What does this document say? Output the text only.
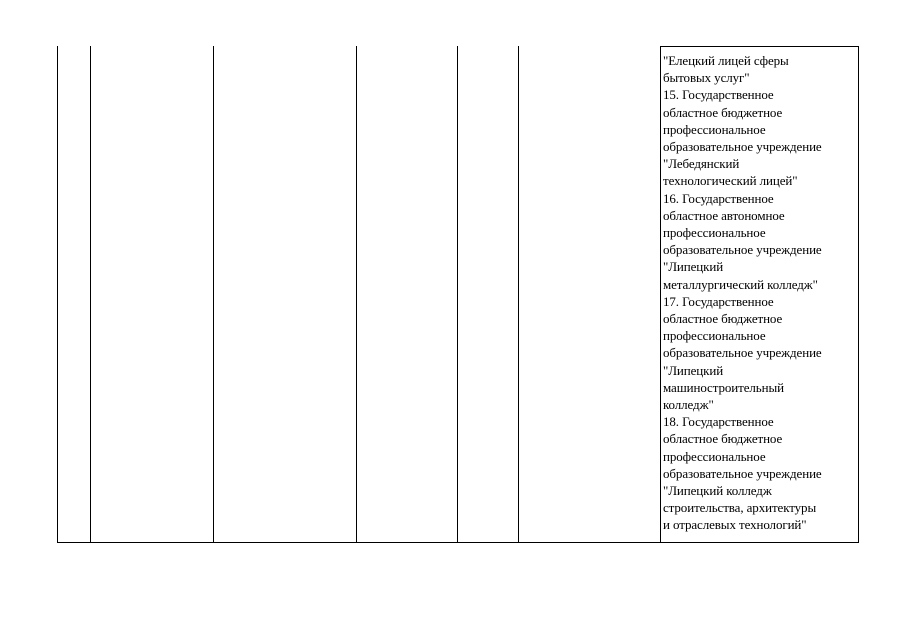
"Елецкий лицей сферы
бытовых услуг"
15. Государственное
областное бюджетное
профессиональное
образовательное учреждение
"Лебедянский
технологический лицей"
16. Государственное
областное автономное
профессиональное
образовательное учреждение
"Липецкий
металлургический колледж"
17. Государственное
областное бюджетное
профессиональное
образовательное учреждение
"Липецкий
машиностроительный
колледж"
18. Государственное
областное бюджетное
профессиональное
образовательное учреждение
"Липецкий колледж
строительства, архитектуры
и отраслевых технологий"
